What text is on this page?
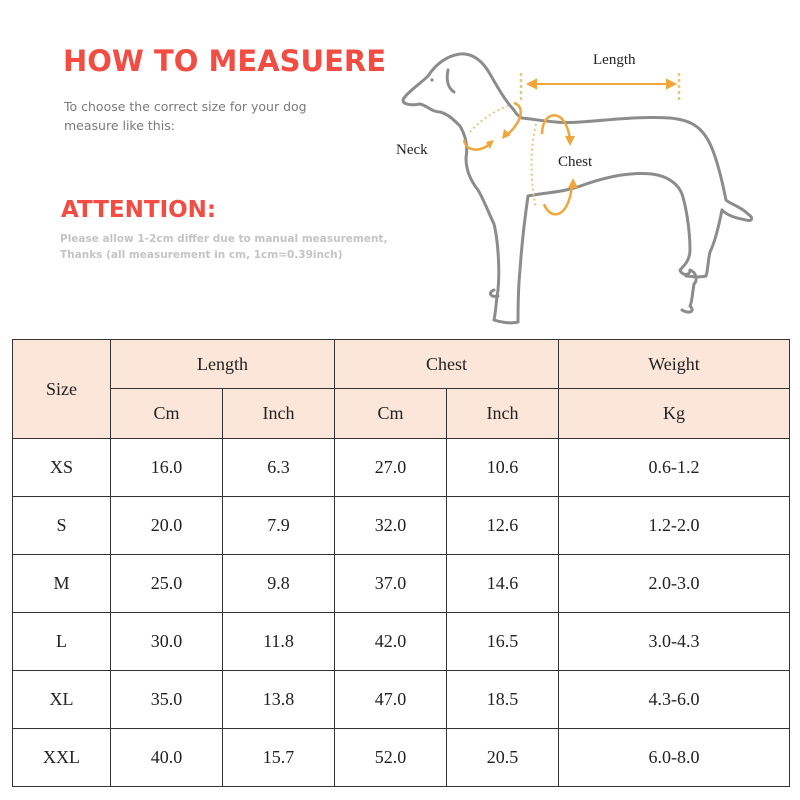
HOW TO MEASUERE
To choose the correct size for your dog
measure like this:
ATTENTION:
Please allow 1-2cm differ due to manual measurement,
Thanks (all measurement in cm, 1cm=0.39inch)
Length
Neck
Chest
Size	Length		Chest		Weight
	Cm	Inch	Cm	Inch	Kg
XS	16.0	6.3	27.0	10.6	0.6-1.2
S	20.0	7.9	32.0	12.6	1.2-2.0
M	25.0	9.8	37.0	14.6	2.0-3.0
L	30.0	11.8	42.0	16.5	3.0-4.3
XL	35.0	13.8	47.0	18.5	4.3-6.0
XXL	40.0	15.7	52.0	20.5	6.0-8.0
